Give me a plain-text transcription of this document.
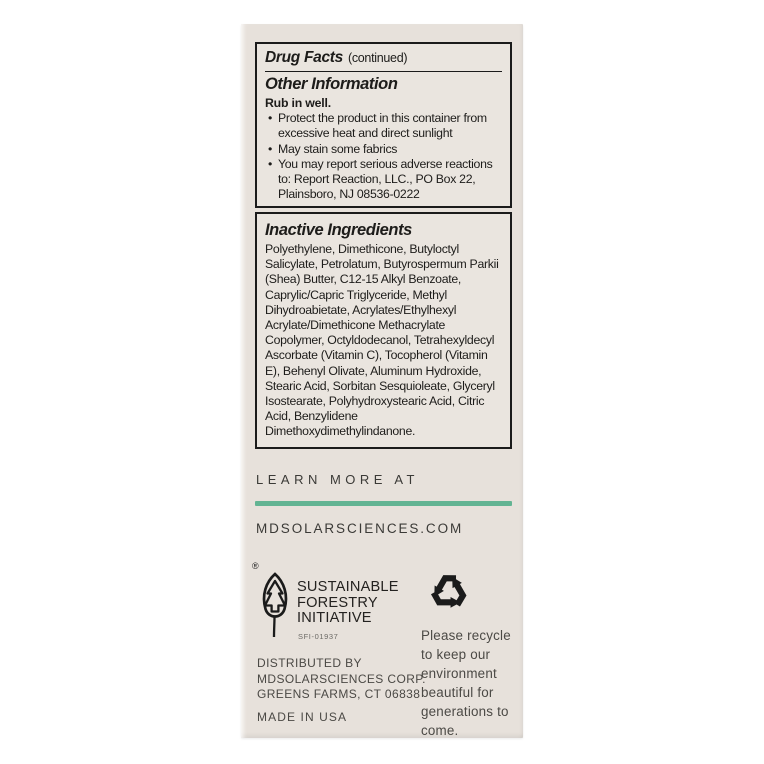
Drug Facts (continued)
Other Information
Rub in well.
• Protect the product in this container from excessive heat and direct sunlight
• May stain some fabrics
• You may report serious adverse reactions to: Report Reaction, LLC., PO Box 22, Plainsboro, NJ 08536-0222
Inactive Ingredients

Polyethylene, Dimethicone, Butyloctyl Salicylate, Petrolatum, Butyrospermum Parkii (Shea) Butter, C12-15 Alkyl Benzoate, Caprylic/Capric Triglyceride, Methyl Dihydroabietate, Acrylates/Ethylhexyl Acrylate/Dimethicone Methacrylate Copolymer, Octyldodecanol, Tetrahexyldecyl Ascorbate (Vitamin C), Tocopherol (Vitamin E), Behenyl Olivate, Aluminum Hydroxide, Stearic Acid, Sorbitan Sesquioleate, Glyceryl Isostearate, Polyhydroxystearic Acid, Citric Acid, Benzylidene Dimethoxydimethylindanone.

LEARN MORE AT
MDSOLARSCIENCES.COM
®
SUSTAINABLE
FORESTRY
INITIATIVE
SFI-01937	Please recycle to keep our environment beautiful for generations to come.
DISTRIBUTED BY
MDSOLARSCIENCES CORP.
GREENS FARMS, CT 06838
MADE IN USA
